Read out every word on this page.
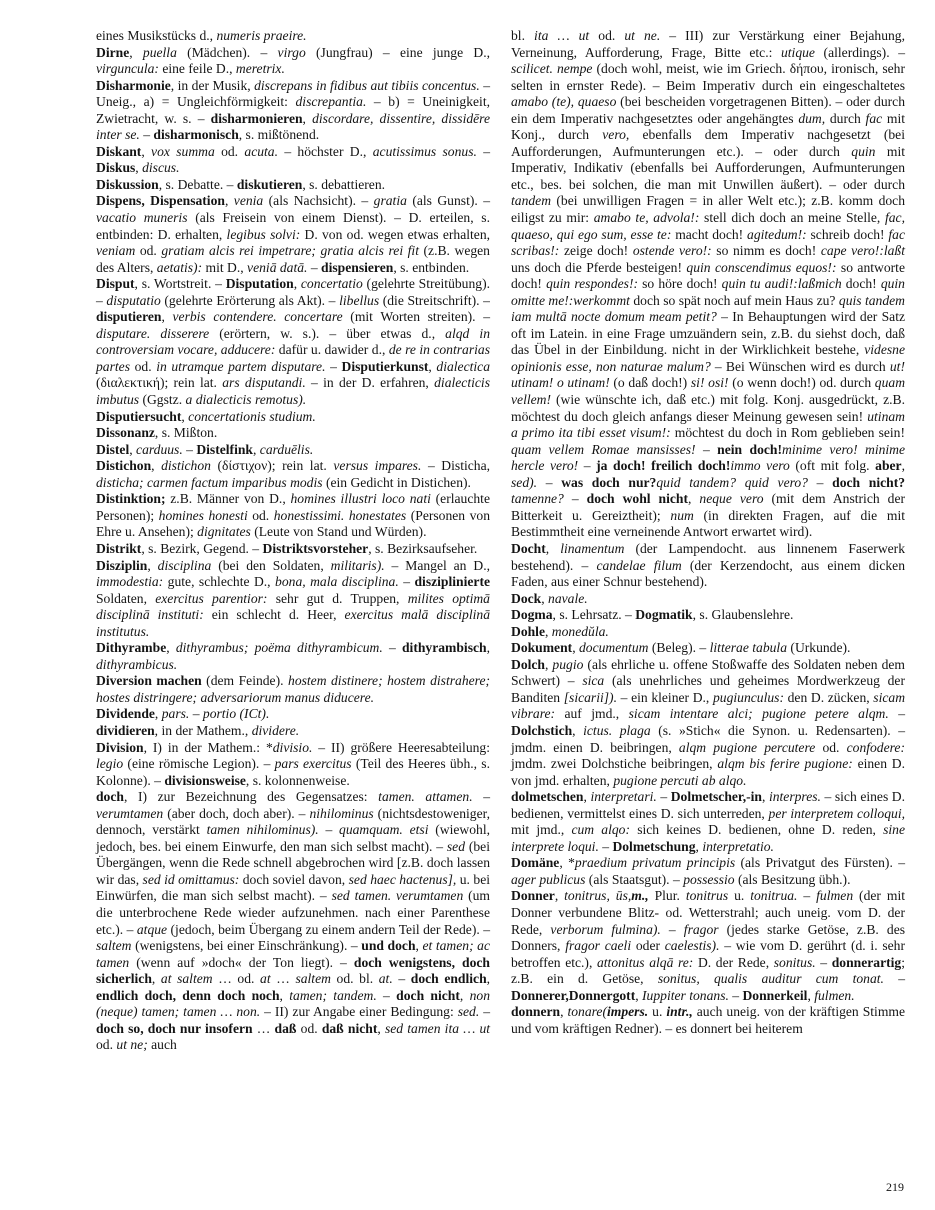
eines Musikstücks d., numeris praeire.

Dirne, puella (Mädchen). – virgo (Jungfrau) – eine junge D., virguncula: eine feile D., meretrix.

Disharmonie, in der Musik, discrepans in fidibus aut tibiis concentus. – Uneig., a) = Ungleichförmigkeit: discrepantia. – b) = Uneinigkeit, Zwietracht, w. s. – disharmonieren, discordare, dissentire, dissidēre inter se. – disharmonisch, s. mißtönend.

Diskant, vox summa od. acuta. – höchster D., acutissimus sonus. – Diskus, discus.

Diskussion, s. Debatte. – diskutieren, s. debattieren.

Dispens, Dispensation, venia (als Nachsicht). – gratia (als Gunst). – vacatio muneris (als Freisein von einem Dienst). – D. erteilen, s. entbinden: D. erhalten, legibus solvi: D. von od. wegen etwas erhalten, veniam od. gratiam alcis rei impetrare; gratia alcis rei fit (z.B. wegen des Alters, aetatis): mit D., veniā datā. – dispensieren, s. entbinden.

Disput, s. Wortstreit. – Disputation, concertatio (gelehrte Streitübung). – disputatio (gelehrte Erörterung als Akt). – libellus (die Streitschrift). – disputieren, verbis contendere. concertare (mit Worten streiten). – disputare. disserere (erörtern, w. s.). – über etwas d., alqd in controversiam vocare, adducere: dafür u. dawider d., de re in contrarias partes od. in utramque partem disputare. – Disputierkunst, dialectica (διαλεκτική); rein lat. ars disputandi. – in der D. erfahren, dialecticis imbutus (Ggstz. a dialecticis remotus).

Disputiersucht, concertationis studium.

Dissonanz, s. Mißton.

Distel, carduus. – Distelfink, carduēlis.

Distichon, distichon (δίστιχον); rein lat. versus impares. – Disticha, disticha; carmen factum imparibus modis (ein Gedicht in Distichen).

Distinktion; z.B. Männer von D., homines illustri loco nati (erlauchte Personen); homines honesti od. honestissimi. honestates (Personen von Ehre u. Ansehen); dignitates (Leute von Stand und Würden).

Distrikt, s. Bezirk, Gegend. – Distriktsvorsteher, s. Bezirksaufseher.

Disziplin, disciplina (bei den Soldaten, militaris). – Mangel an D., immodestia: gute, schlechte D., bona, mala disciplina. – disziplinierte Soldaten, exercitus parentior: sehr gut d. Truppen, milites optimā disciplinā instituti: ein schlecht d. Heer, exercitus malā disciplinā institutus.

Dithyrambe, dithyrambus; poëma dithyrambicum. – dithyrambisch, dithyrambicus.

Diversion machen (dem Feinde). hostem distinere; hostem distrahere; hostes distringere; adversariorum manus diducere.

Dividende, pars. – portio (ICt).

dividieren, in der Mathem., dividere.

Division, I) in der Mathem.: *divisio. – II) größere Heeresabteilung: legio (eine römische Legion). – pars exercitus (Teil des Heeres übh., s. Kolonne). – divisionsweise, s. kolonnenweise.

doch, I) zur Bezeichnung des Gegensatzes: tamen. attamen. – verumtamen (aber doch, doch aber). – nihilominus (nichtsdestoweniger, dennoch, verstärkt tamen nihilominus). – quamquam. etsi (wiewohl, jedoch, bes. bei einem Einwurfe, den man sich selbst macht). – sed (bei Übergängen, wenn die Rede schnell abgebrochen wird [z.B. doch lassen wir das, sed id omittamus: doch soviel davon, sed haec hactenus], u. bei Einwürfen, die man sich selbst macht). – sed tamen. verumtamen (um die unterbrochene Rede wieder aufzunehmen. nach einer Parenthese etc.). – atque (jedoch, beim Übergang zu einem andern Teil der Rede). – saltem (wenigstens, bei einer Einschränkung). – und doch, et tamen; ac tamen (wenn auf »doch« der Ton liegt). – doch wenigstens, doch sicherlich, at saltem … od. at … saltem od. bl. at. – doch endlich, endlich doch, denn doch noch, tamen; tandem. – doch nicht, non (neque) tamen; tamen … non. – II) zur Angabe einer Bedingung: sed. – doch so, doch nur insofern … daß od. daß nicht, sed tamen ita … ut od. ut ne; auch

bl. ita … ut od. ut ne. – III) zur Verstärkung einer Bejahung, Verneinung, Aufforderung, Frage, Bitte etc.: utique (allerdings). – scilicet. nempe (doch wohl, meist, wie im Griech. δήπου, ironisch, sehr selten in ernster Rede). – Beim Imperativ durch ein eingeschaltetes amabo (te), quaeso (bei bescheiden vorgetragenen Bitten). – oder durch ein dem Imperativ nachgesetztes oder angehängtes dum, durch fac mit Konj., durch vero, ebenfalls dem Imperativ nachgesetzt (bei Aufforderungen, Aufmunterungen etc.). – oder durch quin mit Imperativ, Indikativ (ebenfalls bei Aufforderungen, Aufmunterungen etc., bes. bei solchen, die man mit Unwillen äußert). – oder durch tandem (bei unwilligen Fragen = in aller Welt etc.); z.B. komm doch eiligst zu mir: amabo te, advola!: stell dich doch an meine Stelle, fac, quaeso, qui ego sum, esse te: macht doch! agitedum!: schreib doch! fac scribas!: zeige doch! ostende vero!: so nimm es doch! cape vero!:laßt uns doch die Pferde besteigen! quin conscendimus equos!: so antworte doch! quin respondes!: so höre doch! quin tu audi!:laßmich doch! quin omitte me!:werkommt doch so spät noch auf mein Haus zu? quis tandem iam multā nocte domum meam petit? – In Behauptungen wird der Satz oft im Latein. in eine Frage umzuändern sein, z.B. du siehst doch, daß das Übel in der Einbildung. nicht in der Wirklichkeit bestehe, videsne opinionis esse, non naturae malum? – Bei Wünschen wird es durch ut! utinam! o utinam! (o daß doch!) si! osi! (o wenn doch!) od. durch quam vellem! (wie wünschte ich, daß etc.) mit folg. Konj. ausgedrückt, z.B. möchtest du doch gleich anfangs dieser Meinung gewesen sein! utinam a primo ita tibi esset visum!: möchtest du doch in Rom geblieben sein! quam vellem Romae mansisses! – nein doch!minime vero! minime hercle vero! – ja doch! freilich doch!immo vero (oft mit folg. aber, sed). – was doch nur?quid tandem? quid vero? – doch nicht?tamenne? – doch wohl nicht, neque vero (mit dem Anstrich der Bitterkeit u. Gereiztheit); num (in direkten Fragen, auf die mit Bestimmtheit eine verneinende Antwort erwartet wird).

Docht, linamentum (der Lampendocht. aus linnenem Faserwerk bestehend). – candelae filum (der Kerzendocht, aus einem dicken Faden, aus einer Schnur bestehend).

Dock, navale.

Dogma, s. Lehrsatz. – Dogmatik, s. Glaubenslehre.

Dohle, monedŭla.

Dokument, documentum (Beleg). – litterae tabula (Urkunde).

Dolch, pugio (als ehrliche u. offene Stoßwaffe des Soldaten neben dem Schwert) – sica (als unehrliches und geheimes Mordwerkzeug der Banditen [sicarii]). – ein kleiner D., pugiunculus: den D. zücken, sicam vibrare: auf jmd., sicam intentare alci; pugione petere alqm. – Dolchstich, ictus. plaga (s. »Stich« die Synon. u. Redensarten). – jmdm. einen D. beibringen, alqm pugione percutere od. confodere: jmdm. zwei Dolchstiche beibringen, alqm bis ferire pugione: einen D. von jmd. erhalten, pugione percuti ab alqo.

dolmetschen, interpretari. – Dolmetscher,-in, interpres. – sich eines D. bedienen, vermittelst eines D. sich unterreden, per interpretem colloqui, mit jmd., cum alqo: sich keines D. bedienen, ohne D. reden, sine interprete loqui. – Dolmetschung, interpretatio.

Domäne, *praedium privatum principis (als Privatgut des Fürsten). – ager publicus (als Staatsgut). – possessio (als Besitzung übh.).

Donner, tonitrus, ūs,m., Plur. tonitrus u. tonitrua. – fulmen (der mit Donner verbundene Blitz- od. Wetterstrahl; auch uneig. vom D. der Rede, verborum fulmina). – fragor (jedes starke Getöse, z.B. des Donners, fragor caeli oder caelestis). – wie vom D. gerührt (d. i. sehr betroffen etc.), attonitus alqā re: D. der Rede, sonitus. – donnerartig; z.B. ein d. Getöse, sonitus, qualis auditur cum tonat. – Donnerer,Donnergott, Iuppiter tonans. – Donnerkeil, fulmen.

donnern, tonare(impers. u. intr., auch uneig. von der kräftigen Stimme und vom kräftigen Redner). – es donnert bei heiterem

219
